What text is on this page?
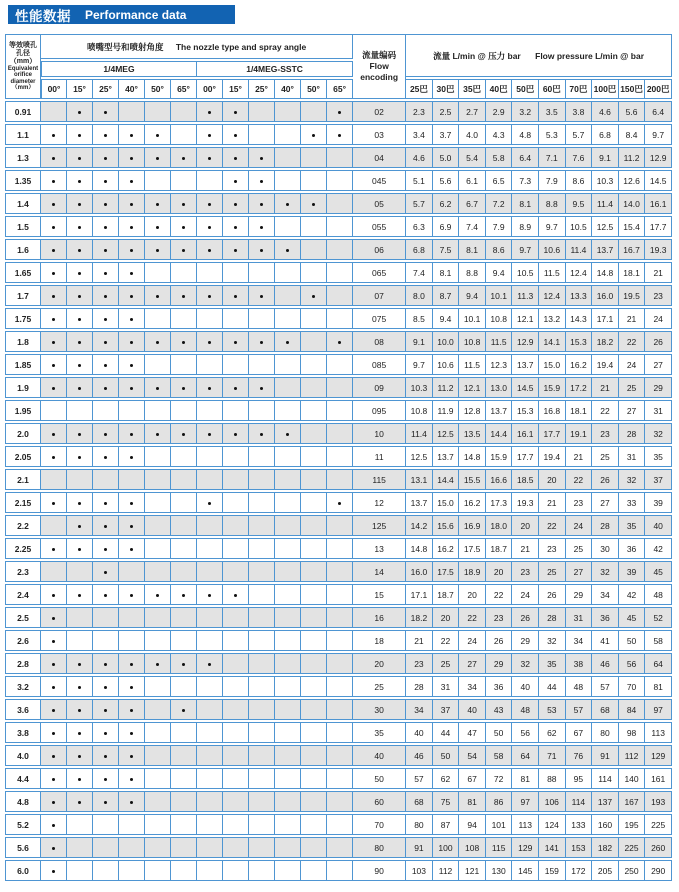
性能数据 Performance data
等效喷孔孔径
（mm）
Equivalent orifice diameter
（mm）
	喷嘴型号和喷射角度 The nozzle type and spray angle	
流量编码
Flow encoding
	流量 L/min @ 压力 bar Flow pressure L/min @ bar
	1/4MEG						1/4MEG-SSTC																
	00°	15°	25°	40°	50°	65°	00°	15°	25°	40°	50°	65°		25巴	30巴	35巴	40巴	50巴	60巴	70巴	100巴	150巴	200巴
0.91													02	2.3	2.5	2.7	2.9	3.2	3.5	3.8	4.6	5.6	6.4
1.1													03	3.4	3.7	4.0	4.3	4.8	5.3	5.7	6.8	8.4	9.7
1.3													04	4.6	5.0	5.4	5.8	6.4	7.1	7.6	9.1	11.2	12.9
1.35													045	5.1	5.6	6.1	6.5	7.3	7.9	8.6	10.3	12.6	14.5
1.4													05	5.7	6.2	6.7	7.2	8.1	8.8	9.5	11.4	14.0	16.1
1.5													055	6.3	6.9	7.4	7.9	8.9	9.7	10.5	12.5	15.4	17.7
1.6													06	6.8	7.5	8.1	8.6	9.7	10.6	11.4	13.7	16.7	19.3
1.65													065	7.4	8.1	8.8	9.4	10.5	11.5	12.4	14.8	18.1	21
1.7													07	8.0	8.7	9.4	10.1	11.3	12.4	13.3	16.0	19.5	23
1.75													075	8.5	9.4	10.1	10.8	12.1	13.2	14.3	17.1	21	24
1.8													08	9.1	10.0	10.8	11.5	12.9	14.1	15.3	18.2	22	26
1.85													085	9.7	10.6	11.5	12.3	13.7	15.0	16.2	19.4	24	27
1.9													09	10.3	11.2	12.1	13.0	14.5	15.9	17.2	21	25	29
1.95													095	10.8	11.9	12.8	13.7	15.3	16.8	18.1	22	27	31
2.0													10	11.4	12.5	13.5	14.4	16.1	17.7	19.1	23	28	32
2.05													11	12.5	13.7	14.8	15.9	17.7	19.4	21	25	31	35
2.1													115	13.1	14.4	15.5	16.6	18.5	20	22	26	32	37
2.15													12	13.7	15.0	16.2	17.3	19.3	21	23	27	33	39
2.2													125	14.2	15.6	16.9	18.0	20	22	24	28	35	40
2.25													13	14.8	16.2	17.5	18.7	21	23	25	30	36	42
2.3													14	16.0	17.5	18.9	20	23	25	27	32	39	45
2.4													15	17.1	18.7	20	22	24	26	29	34	42	48
2.5													16	18.2	20	22	23	26	28	31	36	45	52
2.6													18	21	22	24	26	29	32	34	41	50	58
2.8													20	23	25	27	29	32	35	38	46	56	64
3.2													25	28	31	34	36	40	44	48	57	70	81
3.6													30	34	37	40	43	48	53	57	68	84	97
3.8													35	40	44	47	50	56	62	67	80	98	113
4.0													40	46	50	54	58	64	71	76	91	112	129
4.4													50	57	62	67	72	81	88	95	114	140	161
4.8													60	68	75	81	86	97	106	114	137	167	193
5.2													70	80	87	94	101	113	124	133	160	195	225
5.6													80	91	100	108	115	129	141	153	182	225	260
6.0													90	103	112	121	130	145	159	172	205	250	290
